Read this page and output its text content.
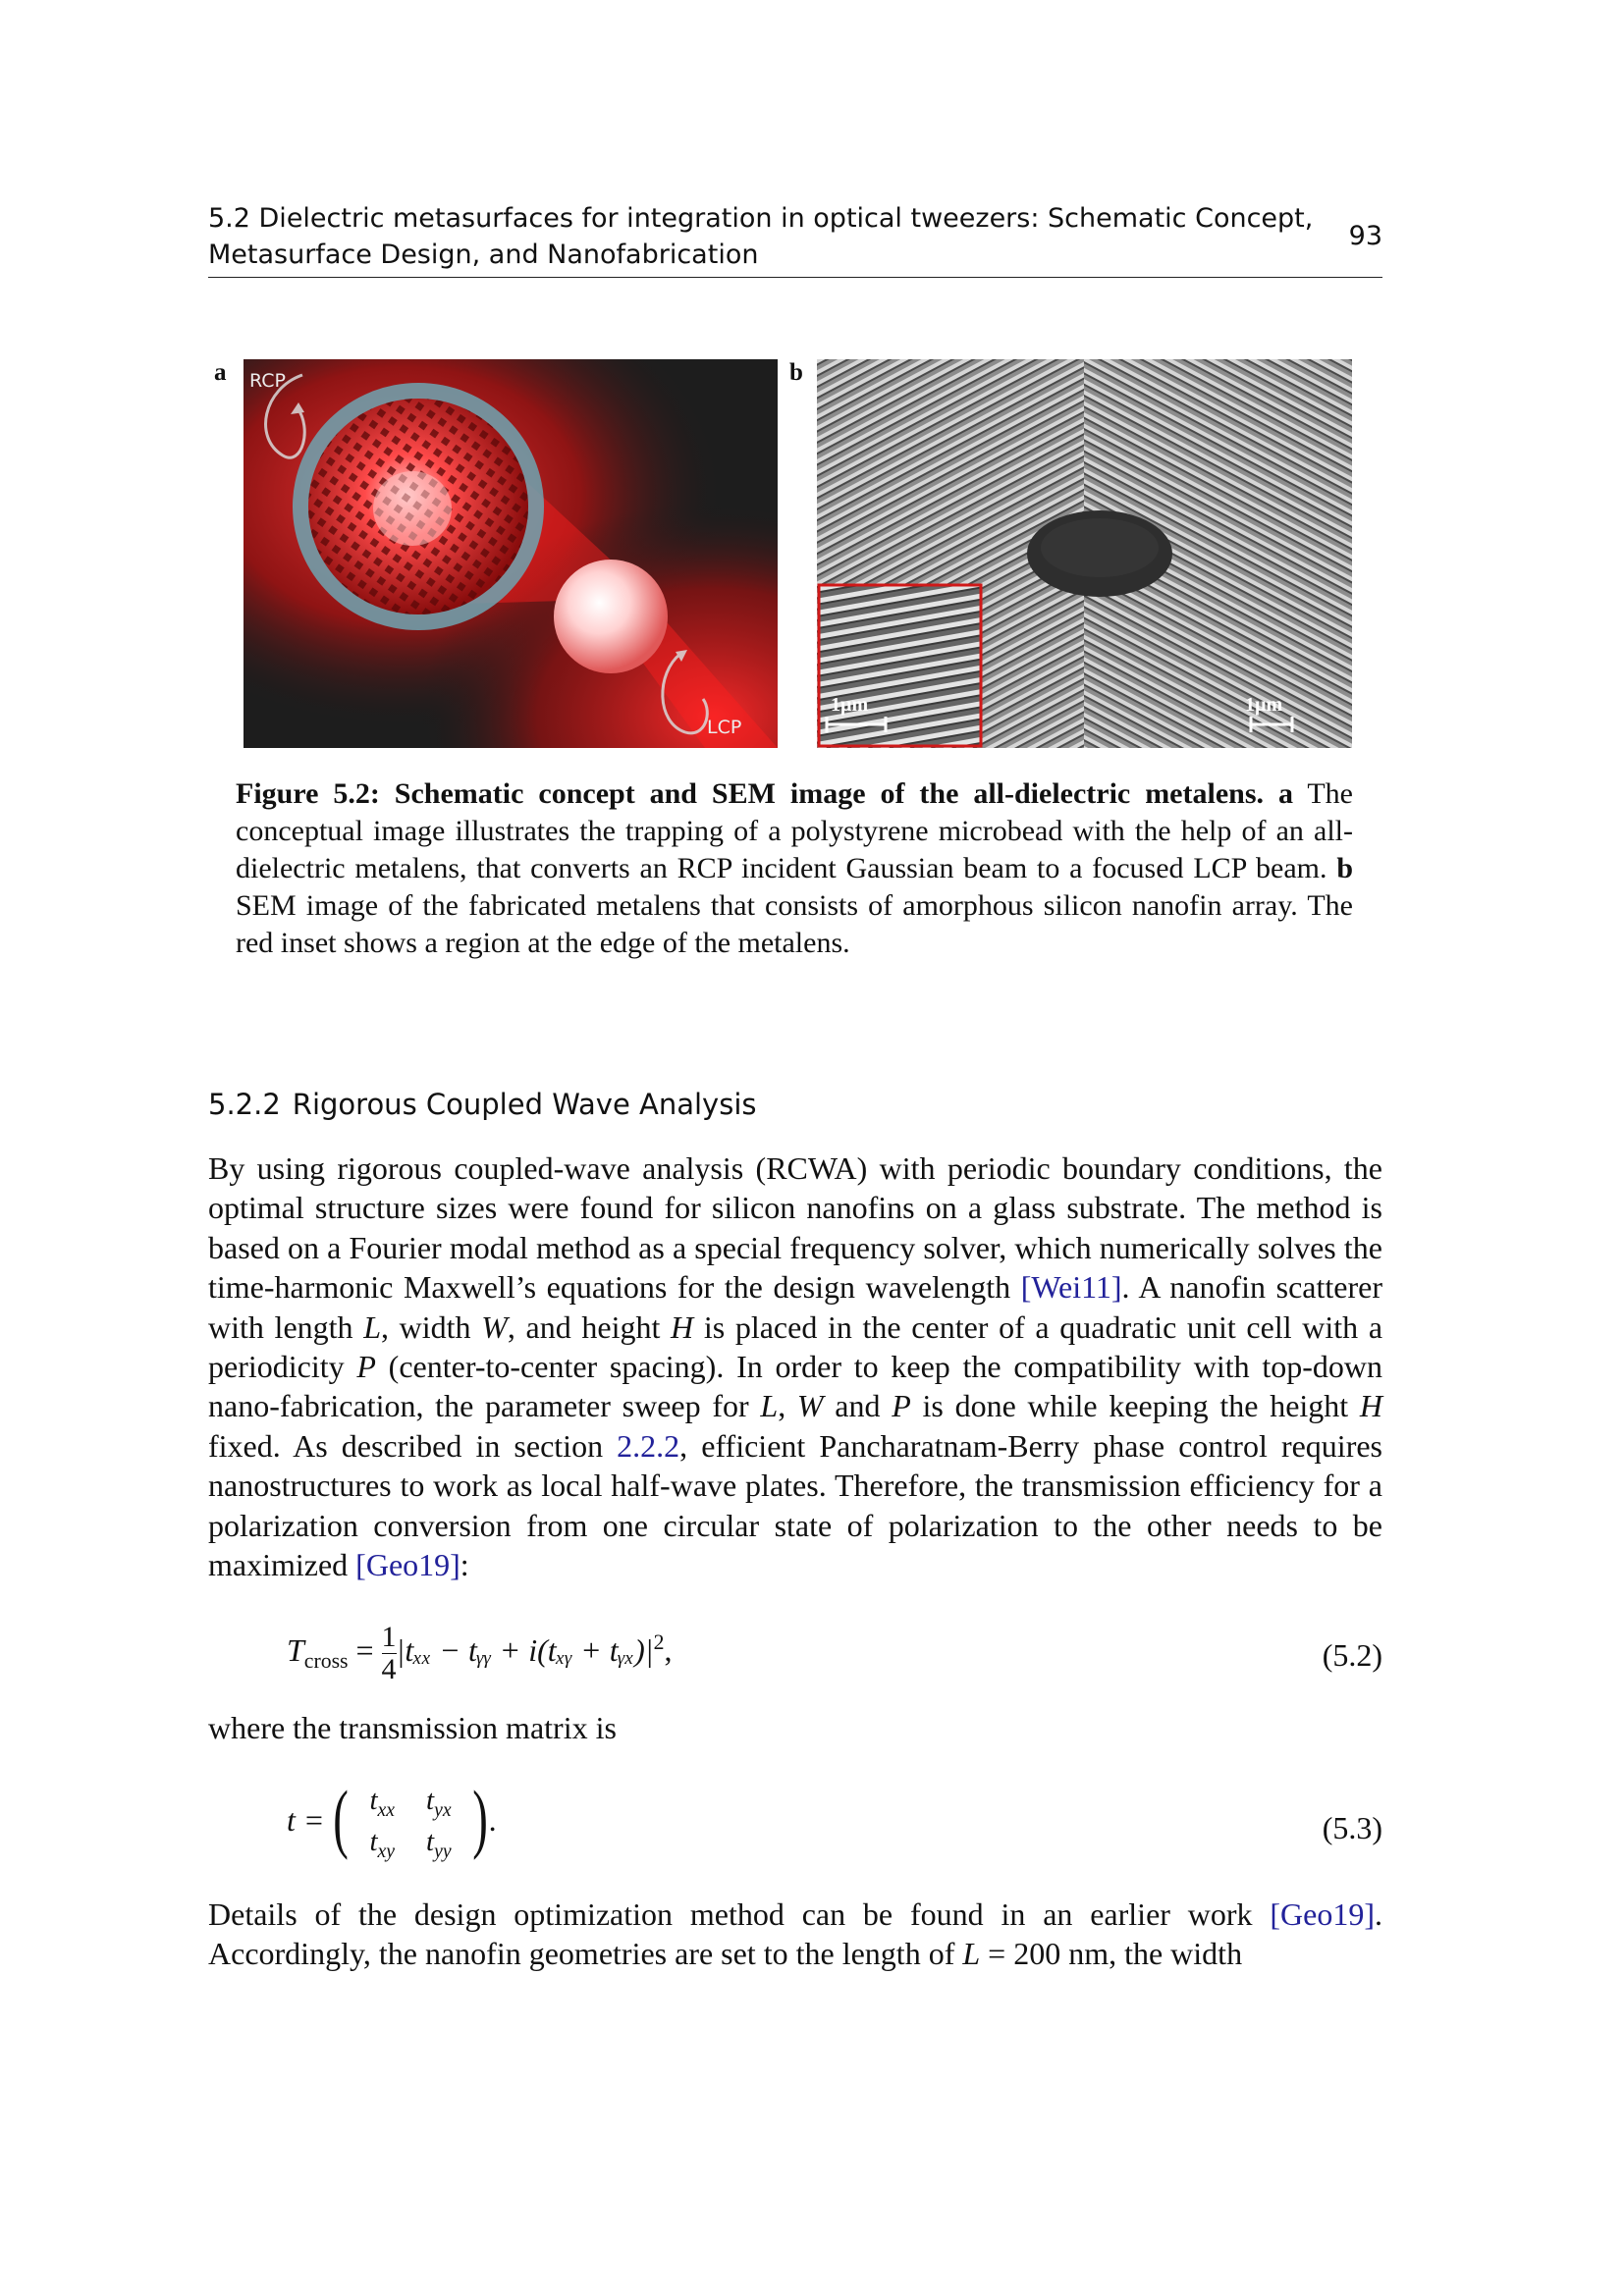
5.2 Dielectric metasurfaces for integration in optical tweezers: Schematic Concept,
Metasurface Design, and Nanofabrication
93
a	b
RCP
LCP
1µm	1µm
Figure 5.2: Schematic concept and SEM image of the all-dielectric metalens. a The conceptual image illustrates the trapping of a polystyrene microbead with the help of an all-dielectric metalens, that converts an RCP incident Gaussian beam to a focused LCP beam. b SEM image of the fabricated metalens that consists of amorphous silicon nanofin array. The red inset shows a region at the edge of the metalens.
5.2.2 Rigorous Coupled Wave Analysis
By using rigorous coupled-wave analysis (RCWA) with periodic boundary conditions, the optimal structure sizes were found for silicon nanofins on a glass substrate. The method is based on a Fourier modal method as a special frequency solver, which numerically solves the time-harmonic Maxwell’s equations for the design wavelength [Wei11]. A nanofin scatterer with length L, width W, and height H is placed in the center of a quadratic unit cell with a periodicity P (center-to-center spacing). In order to keep the compatibility with top-down nano-fabrication, the parameter sweep for L, W and P is done while keeping the height H fixed. As described in section 2.2.2, efficient Pancharatnam-Berry phase control requires nanostructures to work as local half-wave plates. Therefore, the transmission efficiency for a polarization conversion from one circular state of polarization to the other needs to be maximized [Geo19]:
$T_{cross} = \frac{1}{4} |t_{xx}$ − tᵧᵧ + i(tₓᵧ + $tᵧ_x)|^2$,	(5.2)
where the transmission matrix is
t = ( $t_{xx}$	$t_{yx}$
$t_{xy}$	$t_{yy}$ ) .	(5.3)
Details of the design optimization method can be found in an earlier work [Geo19]. Accordingly, the nanofin geometries are set to the length of L = 200 nm, the width
